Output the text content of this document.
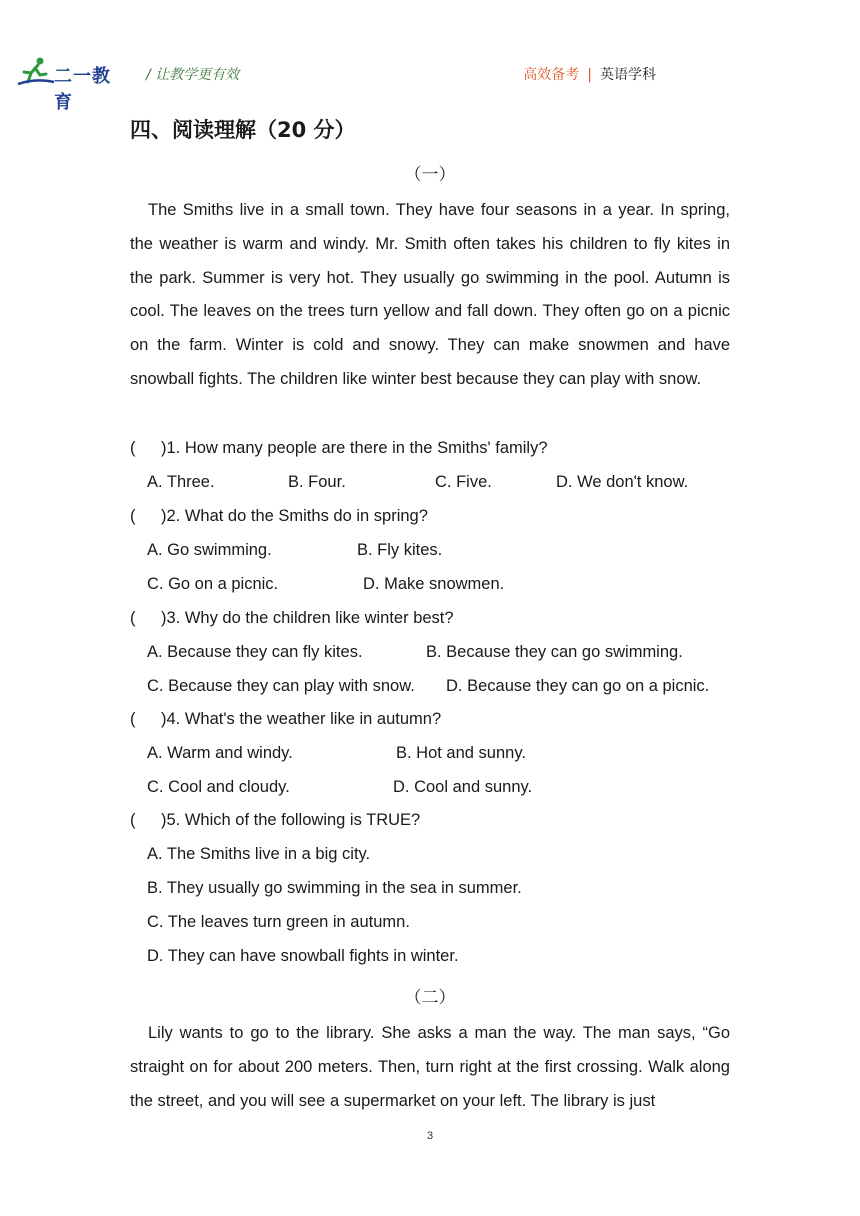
二一教育
/ 让教学更有效	高效备考 | 英语学科
四、阅读理解（20 分）
（一）

The Smiths live in a small town. They have four seasons in a year. In spring, the weather is warm and windy. Mr. Smith often takes his children to fly kites in the park. Summer is very hot. They usually go swimming in the pool. Autumn is cool. The leaves on the trees turn yellow and fall down. They often go on a picnic on the farm. Winter is cold and snowy. They can make snowmen and have snowball fights. The children like winter best because they can play with snow.

( )1. How many people are there in the Smiths' family?
A. Three.	B. Four.	C. Five.	D. We don't know.
( )2. What do the Smiths do in spring?
A. Go swimming.	B. Fly kites.
C. Go on a picnic.	D. Make snowmen.
( )3. Why do the children like winter best?
A. Because they can fly kites.	B. Because they can go swimming.
C. Because they can play with snow. D. Because they can go on a picnic.
( )4. What's the weather like in autumn?
A. Warm and windy.	B. Hot and sunny.
C. Cool and cloudy.	D. Cool and sunny.
( )5. Which of the following is TRUE?
A. The Smiths live in a big city.
B. They usually go swimming in the sea in summer.
C. The leaves turn green in autumn.
D. They can have snowball fights in winter.
（二）

Lily wants to go to the library. She asks a man the way. The man says, “Go straight on for about 200 meters. Then, turn right at the first crossing. Walk along the street, and you will see a supermarket on your left. The library is just

3
